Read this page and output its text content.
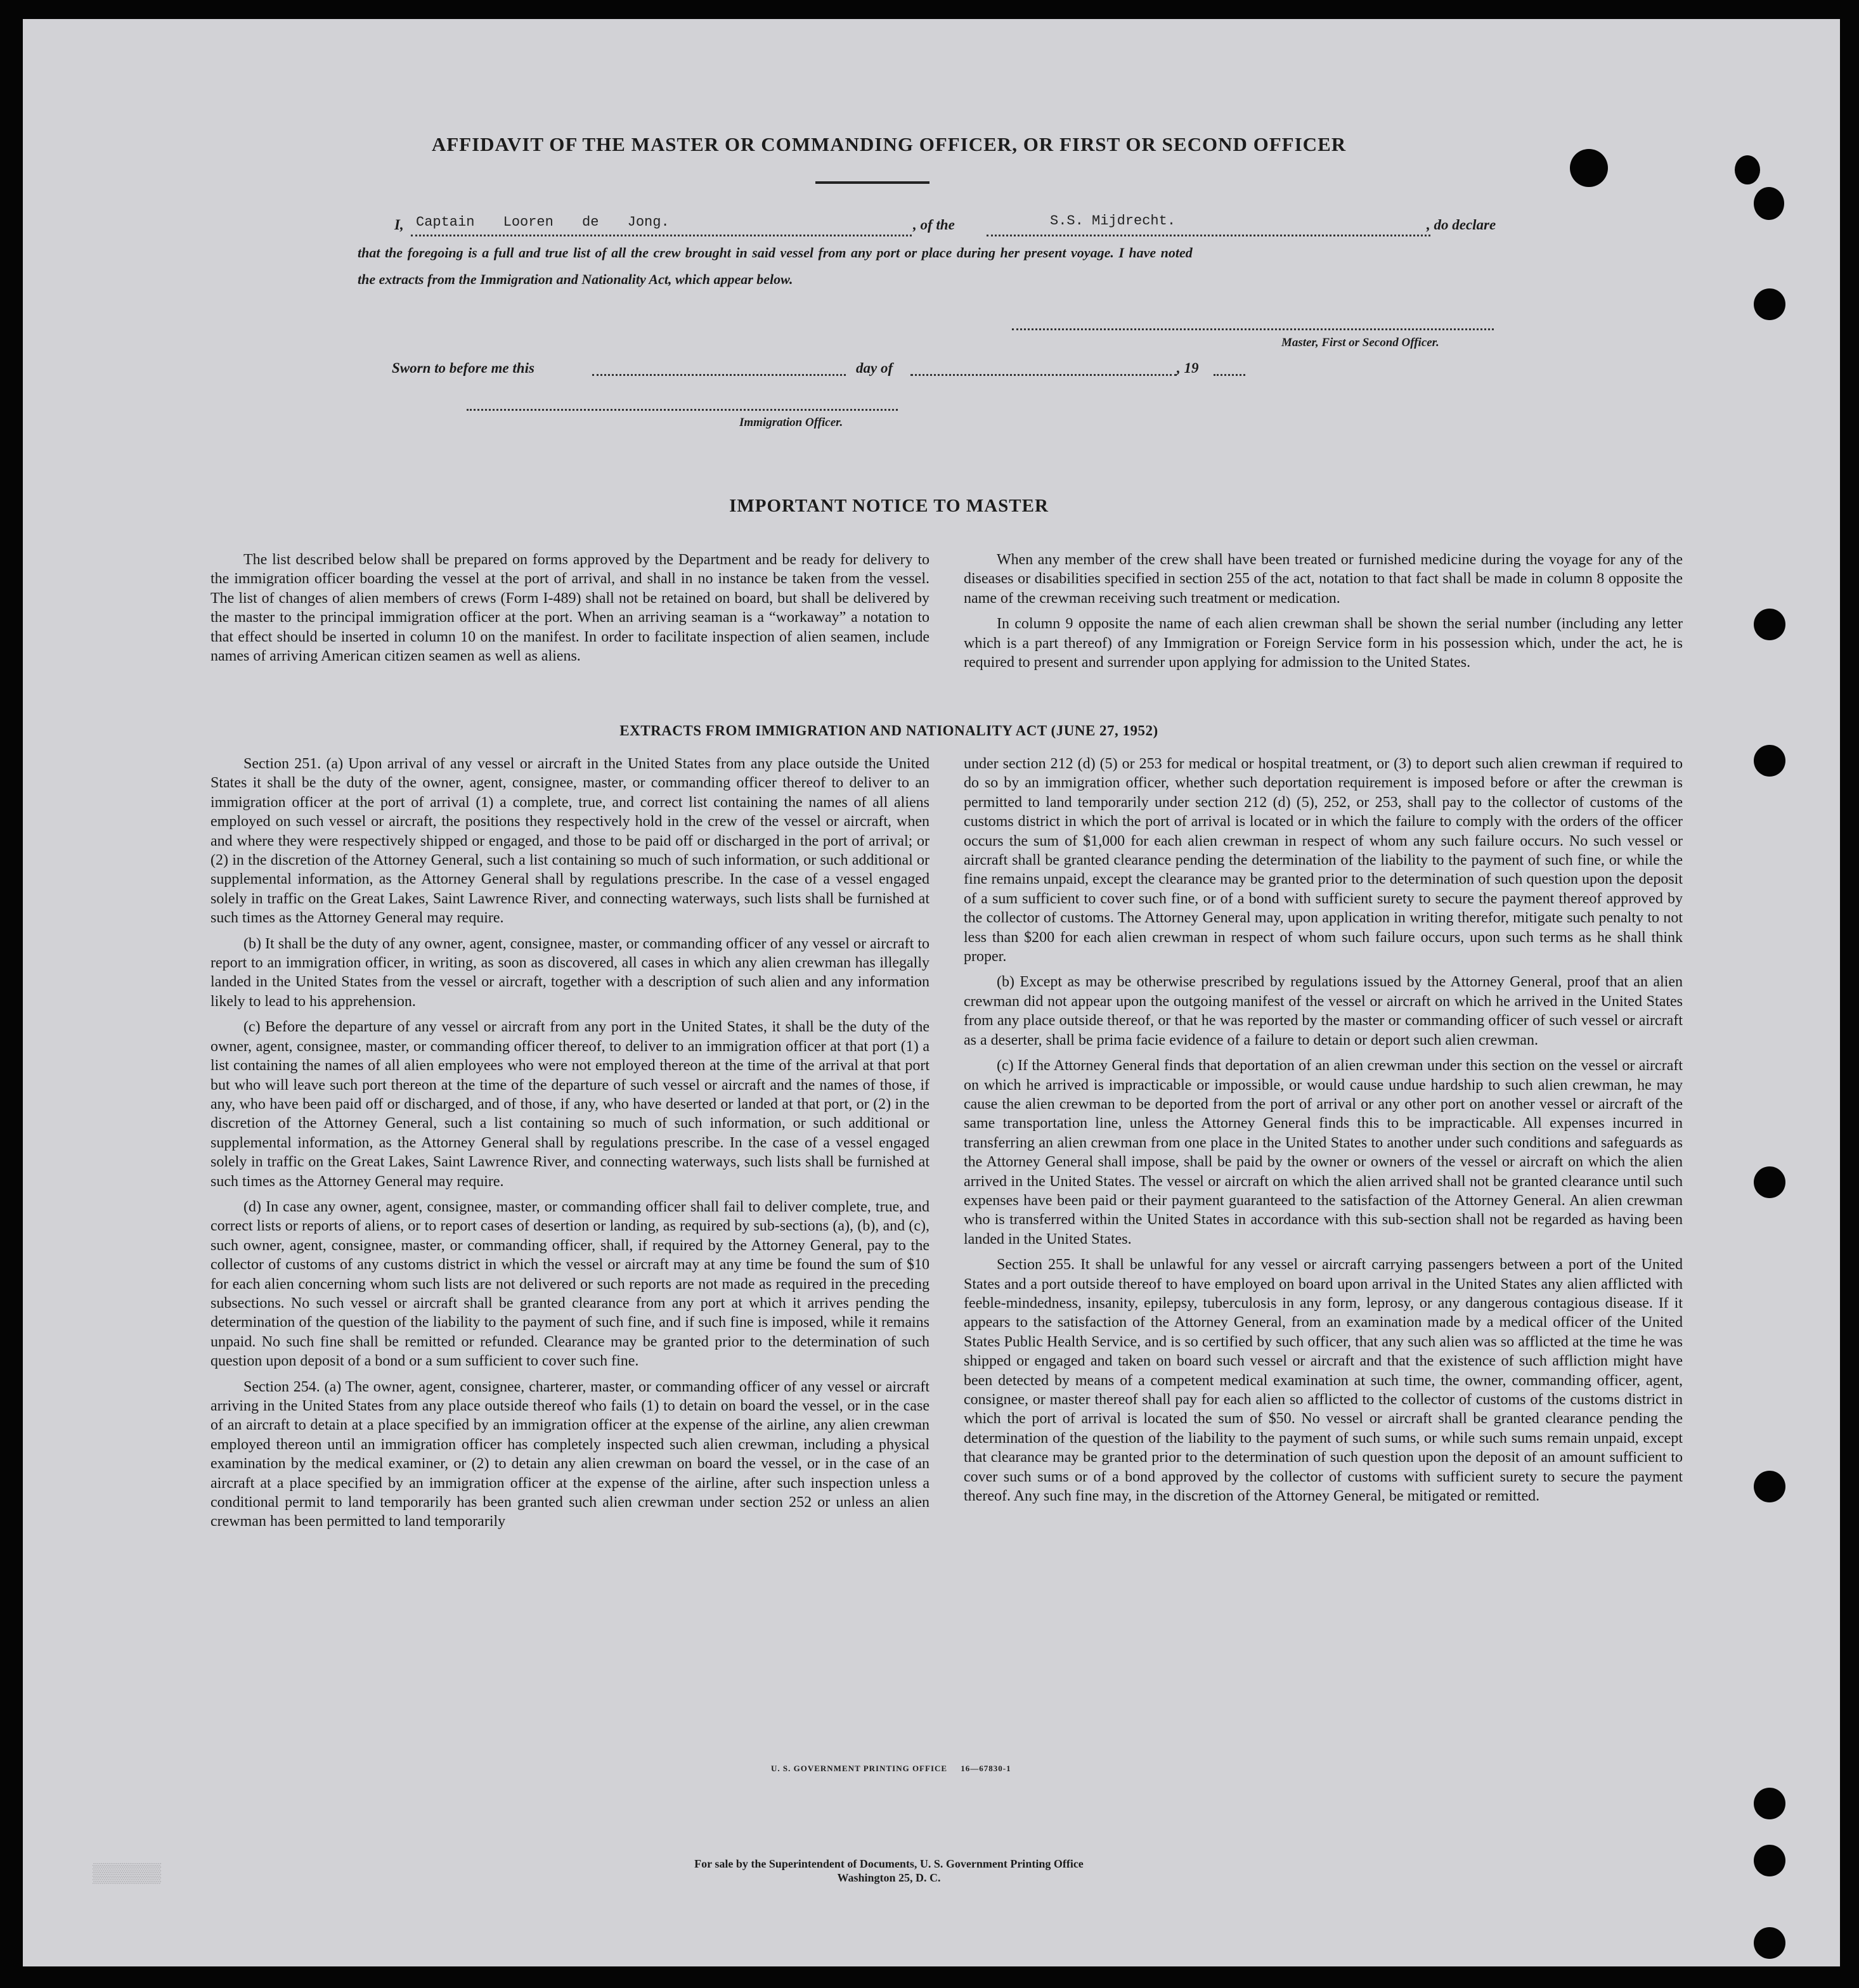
▒▒▒▒▒▒
AFFIDAVIT OF THE MASTER OR COMMANDING OFFICER, OR FIRST OR SECOND OFFICER
I, Captain Looren de Jong.	, of the	S.S. Mijdrecht.	, do declare
that the foregoing is a full and true list of all the crew brought in said vessel from any port or place during her present voyage. I have noted
the extracts from the Immigration and Nationality Act, which appear below.
Master, First or Second Officer.
Sworn to before me this	day of	, 19
Immigration Officer.
IMPORTANT NOTICE TO MASTER

The list described below shall be prepared on forms approved by the Department and be ready for delivery to the immigration officer boarding the vessel at the port of arrival, and shall in no instance be taken from the vessel. The list of changes of alien members of crews (Form I-489) shall not be retained on board, but shall be delivered by the master to the principal immigration officer at the port. When an arriving seaman is a “workaway” a notation to that effect should be inserted in column 10 on the manifest. In order to facilitate inspection of alien seamen, include names of arriving American citizen seamen as well as aliens.

When any member of the crew shall have been treated or furnished medicine during the voyage for any of the diseases or disabilities specified in section 255 of the act, notation to that fact shall be made in column 8 opposite the name of the crewman receiving such treatment or medication.

In column 9 opposite the name of each alien crewman shall be shown the serial number (including any letter which is a part thereof) of any Immigration or Foreign Service form in his possession which, under the act, he is required to present and surrender upon applying for admission to the United States.

EXTRACTS FROM IMMIGRATION AND NATIONALITY ACT (JUNE 27, 1952)

Section 251. (a) Upon arrival of any vessel or aircraft in the United States from any place outside the United States it shall be the duty of the owner, agent, consignee, master, or commanding officer thereof to deliver to an immigration officer at the port of arrival (1) a complete, true, and correct list containing the names of all aliens employed on such vessel or aircraft, the positions they respectively hold in the crew of the vessel or aircraft, when and where they were respectively shipped or engaged, and those to be paid off or discharged in the port of arrival; or (2) in the discretion of the Attorney General, such a list containing so much of such information, or such additional or supplemental information, as the Attorney General shall by regulations prescribe. In the case of a vessel engaged solely in traffic on the Great Lakes, Saint Lawrence River, and connecting waterways, such lists shall be furnished at such times as the Attorney General may require.

(b) It shall be the duty of any owner, agent, consignee, master, or commanding officer of any vessel or aircraft to report to an immigration officer, in writing, as soon as discovered, all cases in which any alien crewman has illegally landed in the United States from the vessel or aircraft, together with a description of such alien and any information likely to lead to his apprehension.

(c) Before the departure of any vessel or aircraft from any port in the United States, it shall be the duty of the owner, agent, consignee, master, or commanding officer thereof, to deliver to an immigration officer at that port (1) a list containing the names of all alien employees who were not employed thereon at the time of the arrival at that port but who will leave such port thereon at the time of the departure of such vessel or aircraft and the names of those, if any, who have been paid off or discharged, and of those, if any, who have deserted or landed at that port, or (2) in the discretion of the Attorney General, such a list containing so much of such information, or such additional or supplemental information, as the Attorney General shall by regulations prescribe. In the case of a vessel engaged solely in traffic on the Great Lakes, Saint Lawrence River, and connecting waterways, such lists shall be furnished at such times as the Attorney General may require.

(d) In case any owner, agent, consignee, master, or commanding officer shall fail to deliver complete, true, and correct lists or reports of aliens, or to report cases of desertion or landing, as required by sub-sections (a), (b), and (c), such owner, agent, consignee, master, or commanding officer, shall, if required by the Attorney General, pay to the collector of customs of any customs district in which the vessel or aircraft may at any time be found the sum of $10 for each alien concerning whom such lists are not delivered or such reports are not made as required in the preceding subsections. No such vessel or aircraft shall be granted clearance from any port at which it arrives pending the determination of the question of the liability to the payment of such fine, and if such fine is imposed, while it remains unpaid. No such fine shall be remitted or refunded. Clearance may be granted prior to the determination of such question upon deposit of a bond or a sum sufficient to cover such fine.

Section 254. (a) The owner, agent, consignee, charterer, master, or commanding officer of any vessel or aircraft arriving in the United States from any place outside thereof who fails (1) to detain on board the vessel, or in the case of an aircraft to detain at a place specified by an immigration officer at the expense of the airline, any alien crewman employed thereon until an immigration officer has completely inspected such alien crewman, including a physical examination by the medical examiner, or (2) to detain any alien crewman on board the vessel, or in the case of an aircraft at a place specified by an immigration officer at the expense of the airline, after such inspection unless a conditional permit to land temporarily has been granted such alien crewman under section 252 or unless an alien crewman has been permitted to land temporarily

under section 212 (d) (5) or 253 for medical or hospital treatment, or (3) to deport such alien crewman if required to do so by an immigration officer, whether such deportation requirement is imposed before or after the crewman is permitted to land temporarily under section 212 (d) (5), 252, or 253, shall pay to the collector of customs of the customs district in which the port of arrival is located or in which the failure to comply with the orders of the officer occurs the sum of $1,000 for each alien crewman in respect of whom any such failure occurs. No such vessel or aircraft shall be granted clearance pending the determination of the liability to the payment of such fine, or while the fine remains unpaid, except the clearance may be granted prior to the determination of such question upon the deposit of a sum sufficient to cover such fine, or of a bond with sufficient surety to secure the payment thereof approved by the collector of customs. The Attorney General may, upon application in writing therefor, mitigate such penalty to not less than $200 for each alien crewman in respect of whom such failure occurs, upon such terms as he shall think proper.

(b) Except as may be otherwise prescribed by regulations issued by the Attorney General, proof that an alien crewman did not appear upon the outgoing manifest of the vessel or aircraft on which he arrived in the United States from any place outside thereof, or that he was reported by the master or commanding officer of such vessel or aircraft as a deserter, shall be prima facie evidence of a failure to detain or deport such alien crewman.

(c) If the Attorney General finds that deportation of an alien crewman under this section on the vessel or aircraft on which he arrived is impracticable or impossible, or would cause undue hardship to such alien crewman, he may cause the alien crewman to be deported from the port of arrival or any other port on another vessel or aircraft of the same transportation line, unless the Attorney General finds this to be impracticable. All expenses incurred in transferring an alien crewman from one place in the United States to another under such conditions and safeguards as the Attorney General shall impose, shall be paid by the owner or owners of the vessel or aircraft on which the alien arrived in the United States. The vessel or aircraft on which the alien arrived shall not be granted clearance until such expenses have been paid or their payment guaranteed to the satisfaction of the Attorney General. An alien crewman who is transferred within the United States in accordance with this sub-section shall not be regarded as having been landed in the United States.

Section 255. It shall be unlawful for any vessel or aircraft carrying passengers between a port of the United States and a port outside thereof to have employed on board upon arrival in the United States any alien afflicted with feeble-mindedness, insanity, epilepsy, tuberculosis in any form, leprosy, or any dangerous contagious disease. If it appears to the satisfaction of the Attorney General, from an examination made by a medical officer of the United States Public Health Service, and is so certified by such officer, that any such alien was so afflicted at the time he was shipped or engaged and taken on board such vessel or aircraft and that the existence of such affliction might have been detected by means of a competent medical examination at such time, the owner, commanding officer, agent, consignee, or master thereof shall pay for each alien so afflicted to the collector of customs of the customs district in which the port of arrival is located the sum of $50. No vessel or aircraft shall be granted clearance pending the determination of the question of the liability to the payment of such sums, or while such sums remain unpaid, except that clearance may be granted prior to the determination of such question upon the deposit of an amount sufficient to cover such sums or of a bond approved by the collector of customs with sufficient surety to secure the payment thereof. Any such fine may, in the discretion of the Attorney General, be mitigated or remitted.

U. S. GOVERNMENT PRINTING OFFICE     16—67830-1
For sale by the Superintendent of Documents, U. S. Government Printing Office
Washington 25, D. C.
